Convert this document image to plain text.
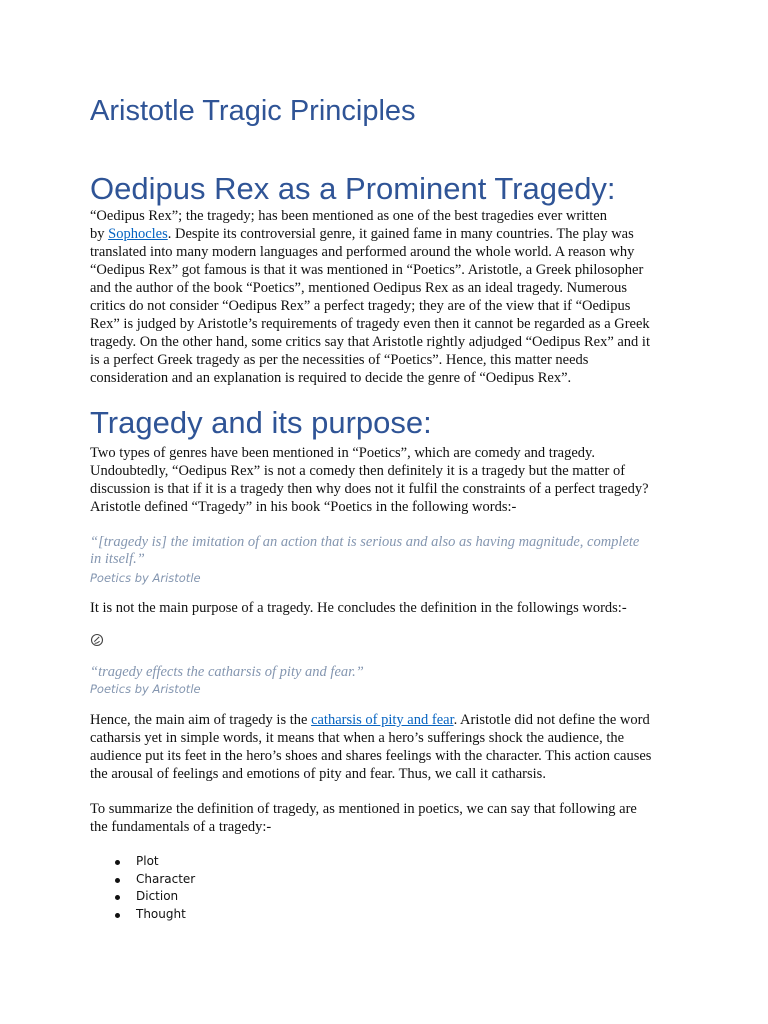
Aristotle Tragic Principles
Oedipus Rex as a Prominent Tragedy:

“Oedipus Rex”; the tragedy; has been mentioned as one of the best tragedies ever written
by Sophocles. Despite its controversial genre, it gained fame in many countries. The play was
translated into many modern languages and performed around the whole world. A reason why
“Oedipus Rex” got famous is that it was mentioned in “Poetics”. Aristotle, a Greek philosopher
and the author of the book “Poetics”, mentioned Oedipus Rex as an ideal tragedy. Numerous
critics do not consider “Oedipus Rex” a perfect tragedy; they are of the view that if “Oedipus
Rex” is judged by Aristotle’s requirements of tragedy even then it cannot be regarded as a Greek
tragedy. On the other hand, some critics say that Aristotle rightly adjudged “Oedipus Rex” and it
is a perfect Greek tragedy as per the necessities of “Poetics”. Hence, this matter needs
consideration and an explanation is required to decide the genre of “Oedipus Rex”.

Tragedy and its purpose:

Two types of genres have been mentioned in “Poetics”, which are comedy and tragedy.
Undoubtedly, “Oedipus Rex” is not a comedy then definitely it is a tragedy but the matter of
discussion is that if it is a tragedy then why does not it fulfil the constraints of a perfect tragedy?
Aristotle defined “Tragedy” in his book “Poetics in the following words:-

“[tragedy is] the imitation of an action that is serious and also as having magnitude, complete
in itself.”

Poetics by Aristotle

It is not the main purpose of a tragedy. He concludes the definition in the followings words:-

“tragedy effects the catharsis of pity and fear.”

Poetics by Aristotle

Hence, the main aim of tragedy is the catharsis of pity and fear. Aristotle did not define the word
catharsis yet in simple words, it means that when a hero’s sufferings shock the audience, the
audience put its feet in the hero’s shoes and shares feelings with the character. This action causes
the arousal of feelings and emotions of pity and fear. Thus, we call it catharsis.

To summarize the definition of tragedy, as mentioned in poetics, we can say that following are
the fundamentals of a tragedy:-

Plot
Character
Diction
Thought
